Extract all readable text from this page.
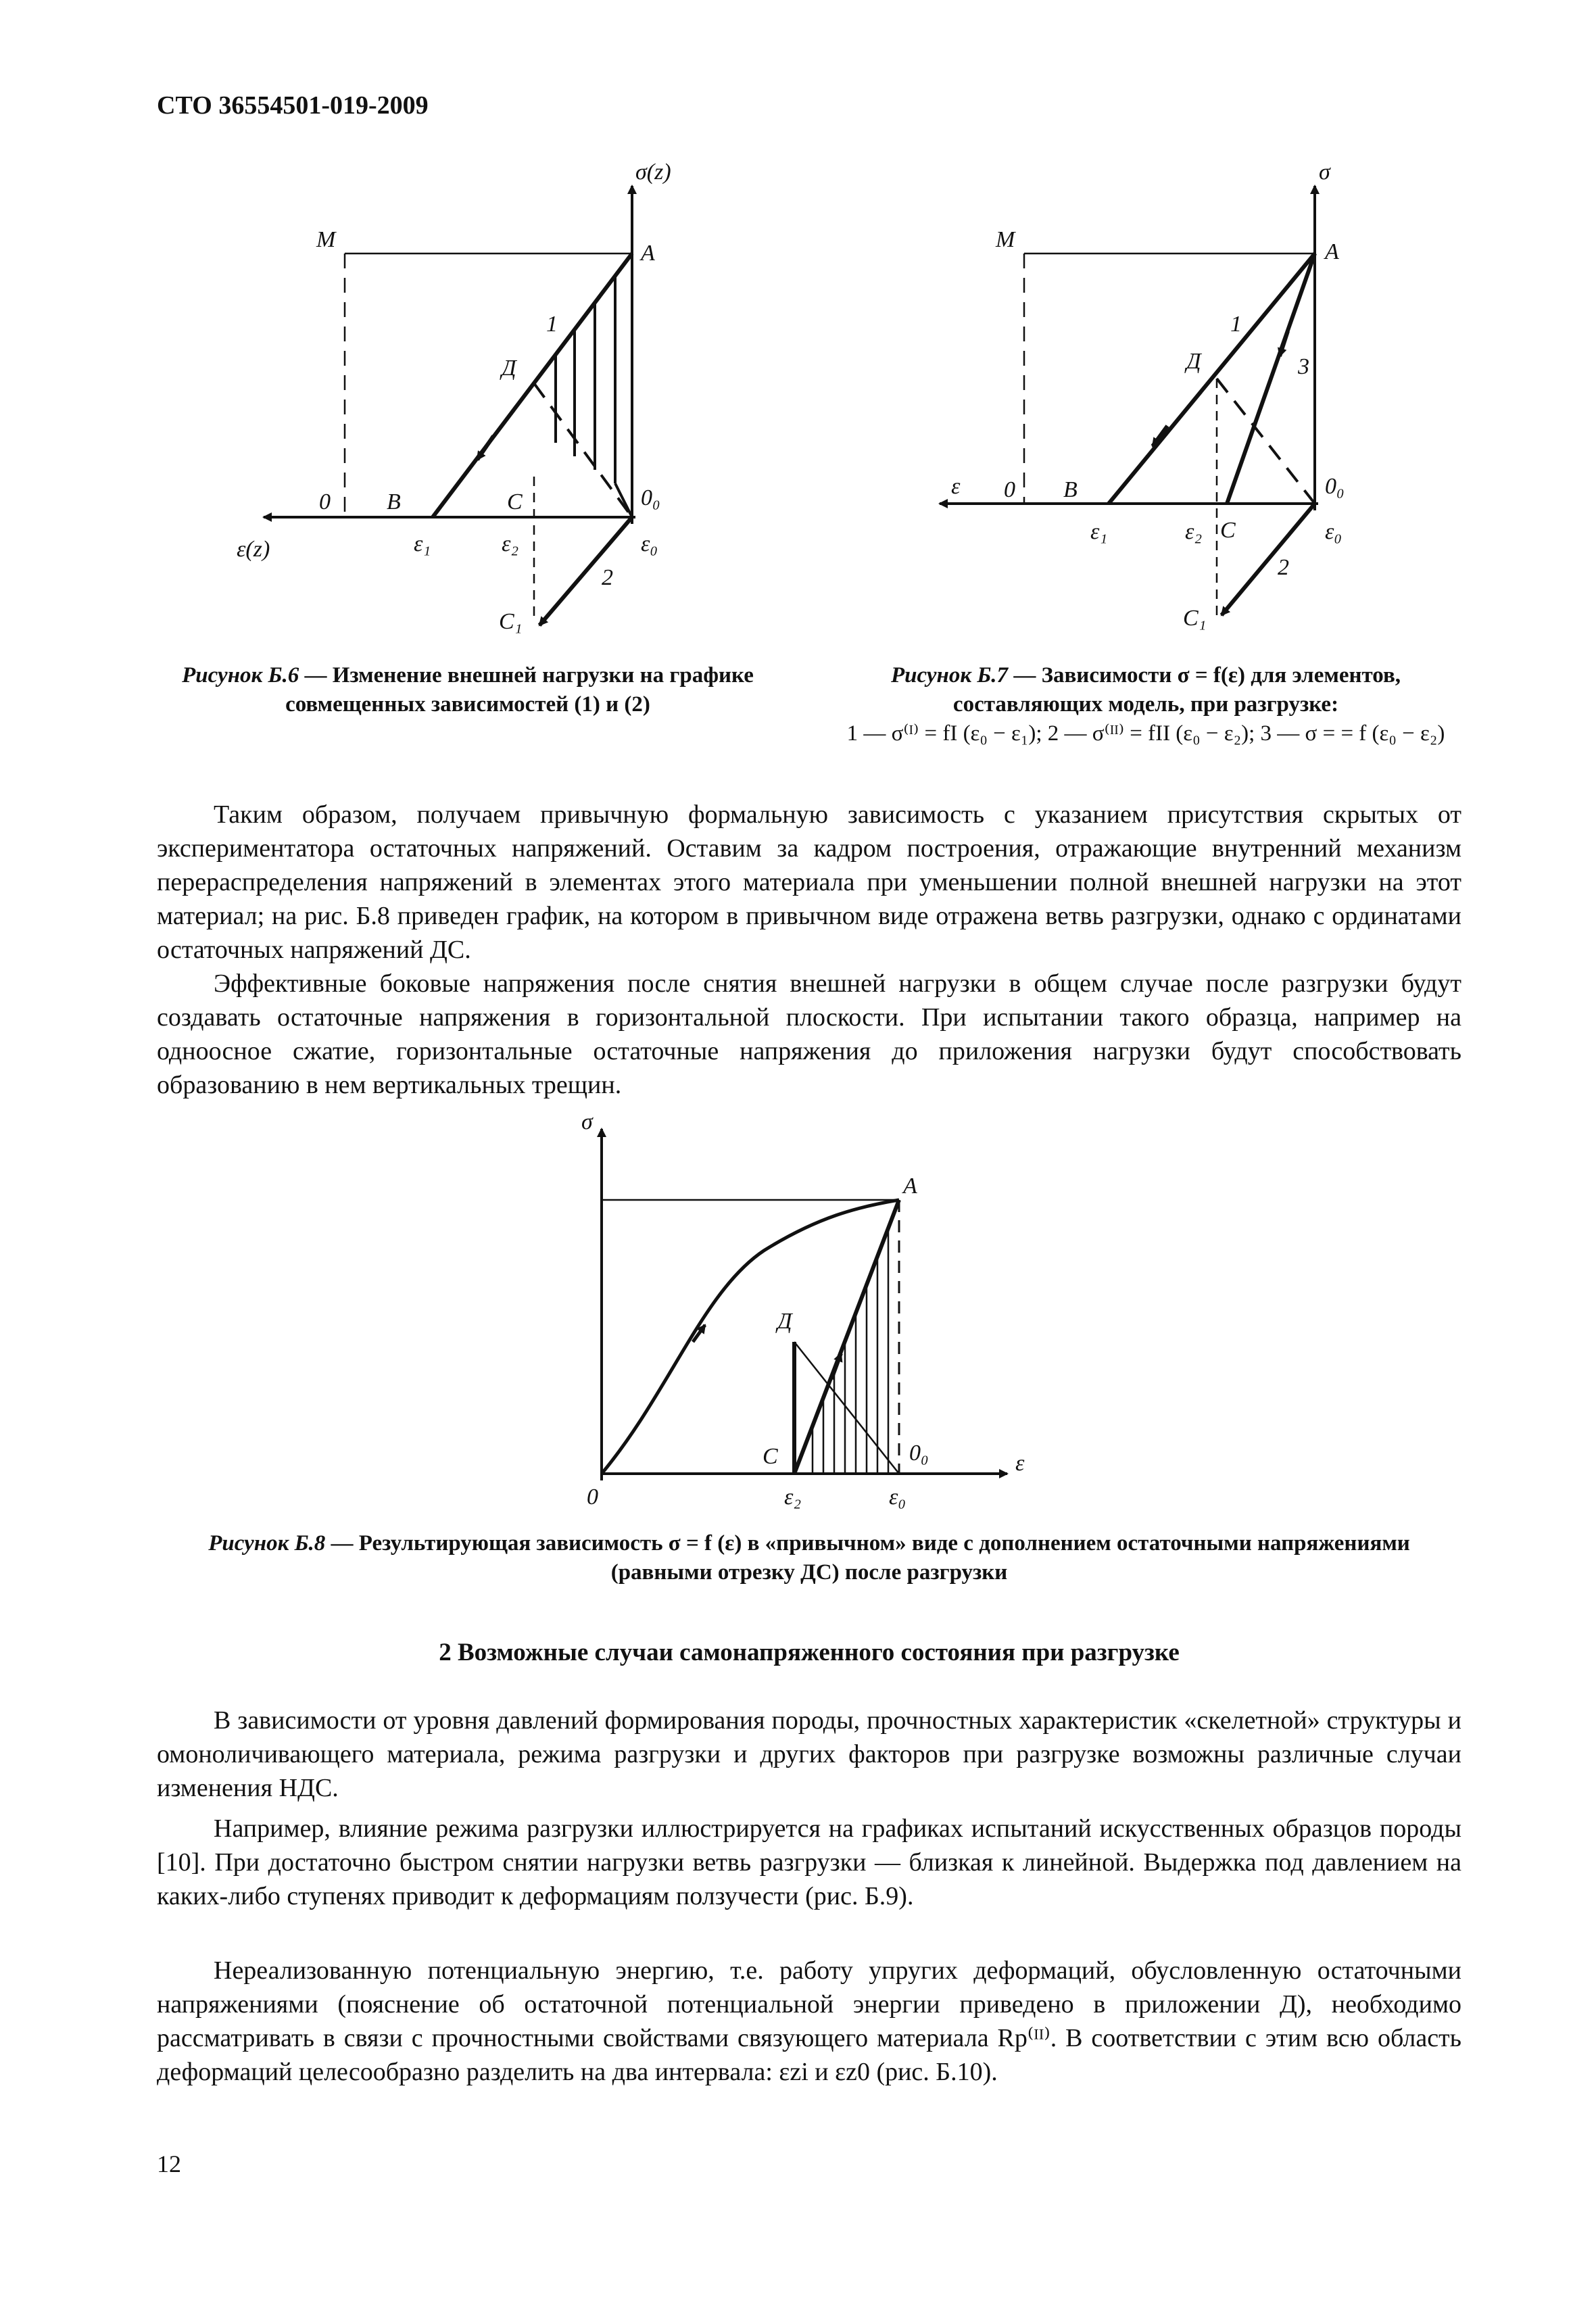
СТО 36554501-019-2009
σ(z)
ε(z)
M
A
Д
1
2
0 B	C	0₀
ε₁	ε₂	ε₀
C₁
σ
ε
M	A
Д
1
3
2
0 B
C
0₀
ε₁	ε₂	ε₀
C₁
Рисунок Б.6 — Изменение внешней нагрузки на графике совмещенных зависимостей (1) и (2)
Рисунок Б.7 — Зависимости σ = f(ε) для элементов, составляющих модель, при разгрузке:
1 — σ⁽ᴵ⁾ = fI (ε₀ − ε₁); 2 — σ⁽ᴵᴵ⁾ = fII (ε₀ − ε₂); 3 — σ = = f (ε₀ − ε₂)

Таким образом, получаем привычную формальную зависимость с указанием присутствия скрытых от экспериментатора остаточных напряжений. Оставим за кадром построения, отражающие внутренний механизм перераспределения напряжений в элементах этого материала при уменьшении полной внешней нагрузки на этот материал; на рис. Б.8 приведен график, на котором в привычном виде отражена ветвь разгрузки, однако с ординатами остаточных напряжений ДС.

Эффективные боковые напряжения после снятия внешней нагрузки в общем случае после разгрузки будут создавать остаточные напряжения в горизонтальной плоскости. При испытании такого образца, например на одноосное сжатие, горизонтальные остаточные напряжения до приложения нагрузки будут способствовать образованию в нем вертикальных трещин.

σ
ε
A
Д
C	0₀
0	ε₂	ε₀
Рисунок Б.8 — Результирующая зависимость σ = f (ε) в «привычном» виде с дополнением остаточными напряжениями (равными отрезку ДС) после разгрузки
2 Возможные случаи самонапряженного состояния при разгрузке

В зависимости от уровня давлений формирования породы, прочностных характеристик «скелетной» структуры и омоноличивающего материала, режима разгрузки и других факторов при разгрузке возможны различные случаи изменения НДС.

Например, влияние режима разгрузки иллюстрируется на графиках испытаний искусственных образцов породы [10]. При достаточно быстром снятии нагрузки ветвь разгрузки — близкая к линейной. Выдержка под давлением на каких-либо ступенях приводит к деформациям ползучести (рис. Б.9).

Нереализованную потенциальную энергию, т.е. работу упругих деформаций, обусловленную остаточными напряжениями (пояснение об остаточной потенциальной энергии приведено в приложении Д), необходимо рассматривать в связи с прочностными свойствами связующего материала Rp⁽ᴵᴵ⁾. В соответствии с этим всю область деформаций целесообразно разделить на два интервала: εzi и εz0 (рис. Б.10).

12
